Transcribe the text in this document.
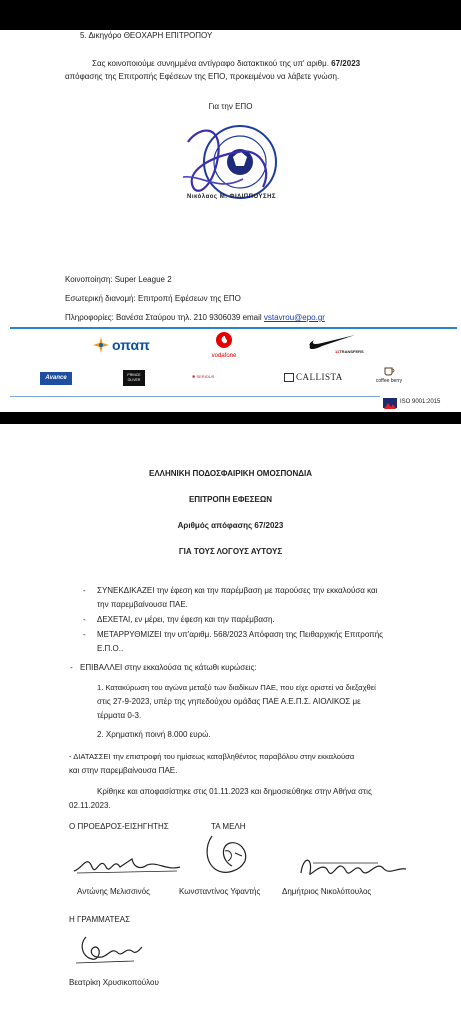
5. Δικηγόρο ΘΕΟΧΑΡΗ ΕΠΙΤΡΟΠΟΥ
Σας κοινοποιούμε συνημμένα αντίγραφο διατακτικού της υπ' αριθμ. 67/2023
απόφασης της Επιτροπής Εφέσεων της ΕΠΟ, προκειμένου να λάβετε γνώση.
Για την ΕΠΟ
Νικόλαος Μ. ΦΙΛΙΠΠΟΥΣΗΣ
Κοινοποίηση: Super League 2
Εσωτερική διανομή: Επιτροπή Εφέσεων της ΕΠΟ
Πληροφορίες: Βανέσα Σταύρου τηλ. 210 9306039 email vstavrou@epo.gr
οπαπ
vodafone
11TRANSFERS
Avance	PRINCE OLIVER
✱ SERIOUS	CALLISTA	coffee berry
ISO 9001:2015
ΕΛΛΗΝΙΚΗ ΠΟΔΟΣΦΑΙΡΙΚΗ ΟΜΟΣΠΟΝΔΙΑ
ΕΠΙΤΡΟΠΗ ΕΦΕΣΕΩΝ
Αριθμός απόφασης 67/2023
ΓΙΑ ΤΟΥΣ ΛΟΓΟΥΣ ΑΥΤΟΥΣ
- ΣΥΝΕΚΔΙΚΑΖΕΙ την έφεση και την παρέμβαση με παρούσες την εκκαλούσα και
την παρεμβαίνουσα ΠΑΕ.
- ΔΕΧΕΤΑΙ, εν μέρει, την έφεση και την παρέμβαση.
- ΜΕΤΑΡΡΥΘΜΙΖΕΙ την υπ'αριθμ. 568/2023 Απόφαση της Πειθαρχικής Επιτροπής
Ε.Π.Ο..
- ΕΠΙΒΑΛΛΕΙ στην εκκαλούσα τις κάτωθι κυρώσεις:
1. Κατακύρωση του αγώνα μεταξύ των διαδίκων ΠΑΕ, που είχε οριστεί να διεξαχθεί
στις 27-9-2023, υπέρ της γηπεδούχου ομάδας ΠΑΕ Α.Ε.Π.Σ. ΑΙΟΛΙΚΟΣ με
τέρματα 0-3.
2. Χρηματική ποινή 8.000 ευρώ.
- ΔΙΑΤΑΣΣΕΙ την επιστροφή του ημίσεως καταβληθέντος παραβόλου στην εκκαλούσα
και στην παρεμβαίνουσα ΠΑΕ.
Κρίθηκε και αποφασίστηκε στις 01.11.2023 και δημοσιεύθηκε στην Αθήνα στις
02.11.2023.
Ο ΠΡΟΕΔΡΟΣ-ΕΙΣΗΓΗΤΗΣ	ΤΑ ΜΕΛΗ
Αντώνης Μελισσινός	Κωνσταντίνος Υφαντής	Δημήτριος Νικολόπουλος
Η ΓΡΑΜΜΑΤΕΑΣ
Βεατρίκη Χρυσικοπούλου
